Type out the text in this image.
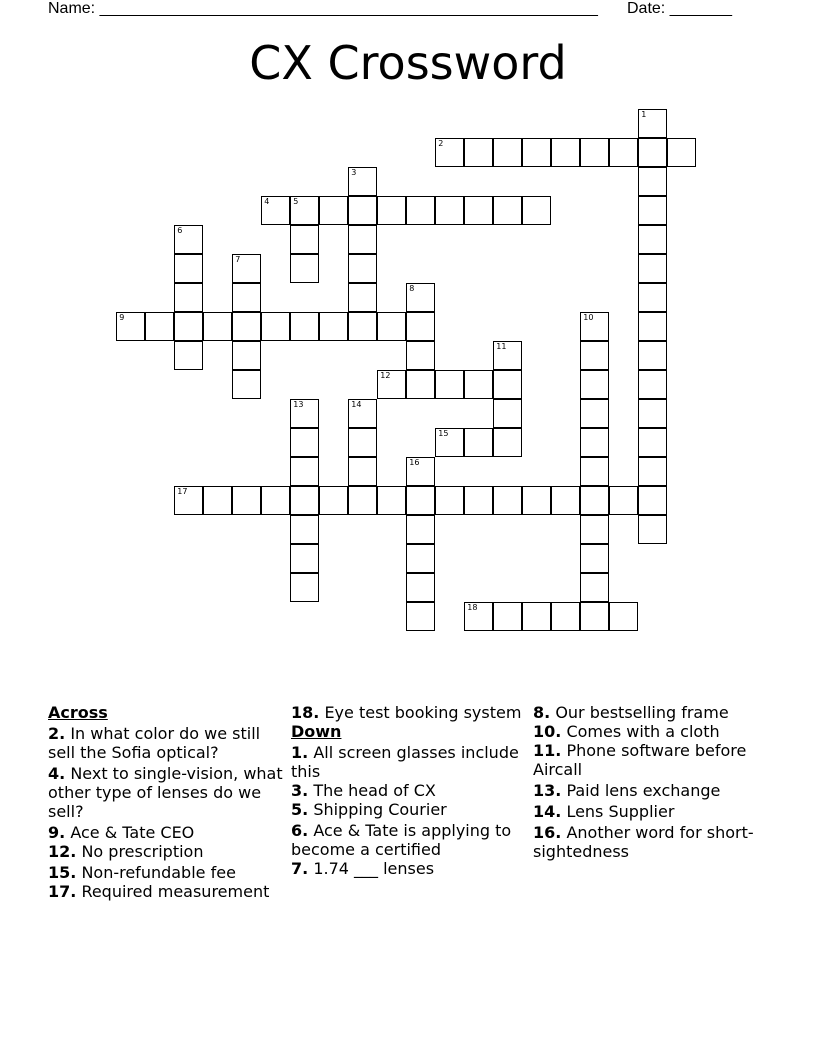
Name: ________________________________________________________ Date: _______
CX Crossword
1
2
3
4	5
6
7
8
9	10
11
12
13	14
15
16
17
18
Across
2. In what color do we still sell the Sofia optical?
4. Next to single-vision, what other type of lenses do we sell?
9. Ace & Tate CEO
12. No prescription
15. Non-refundable fee
17. Required measurement
18. Eye test booking system
Down
1. All screen glasses include this
3. The head of CX
5. Shipping Courier
6. Ace & Tate is applying to become a certified
7. 1.74 ___ lenses
8. Our bestselling frame
10. Comes with a cloth
11. Phone software before Aircall
13. Paid lens exchange
14. Lens Supplier
16. Another word for short-sightedness
